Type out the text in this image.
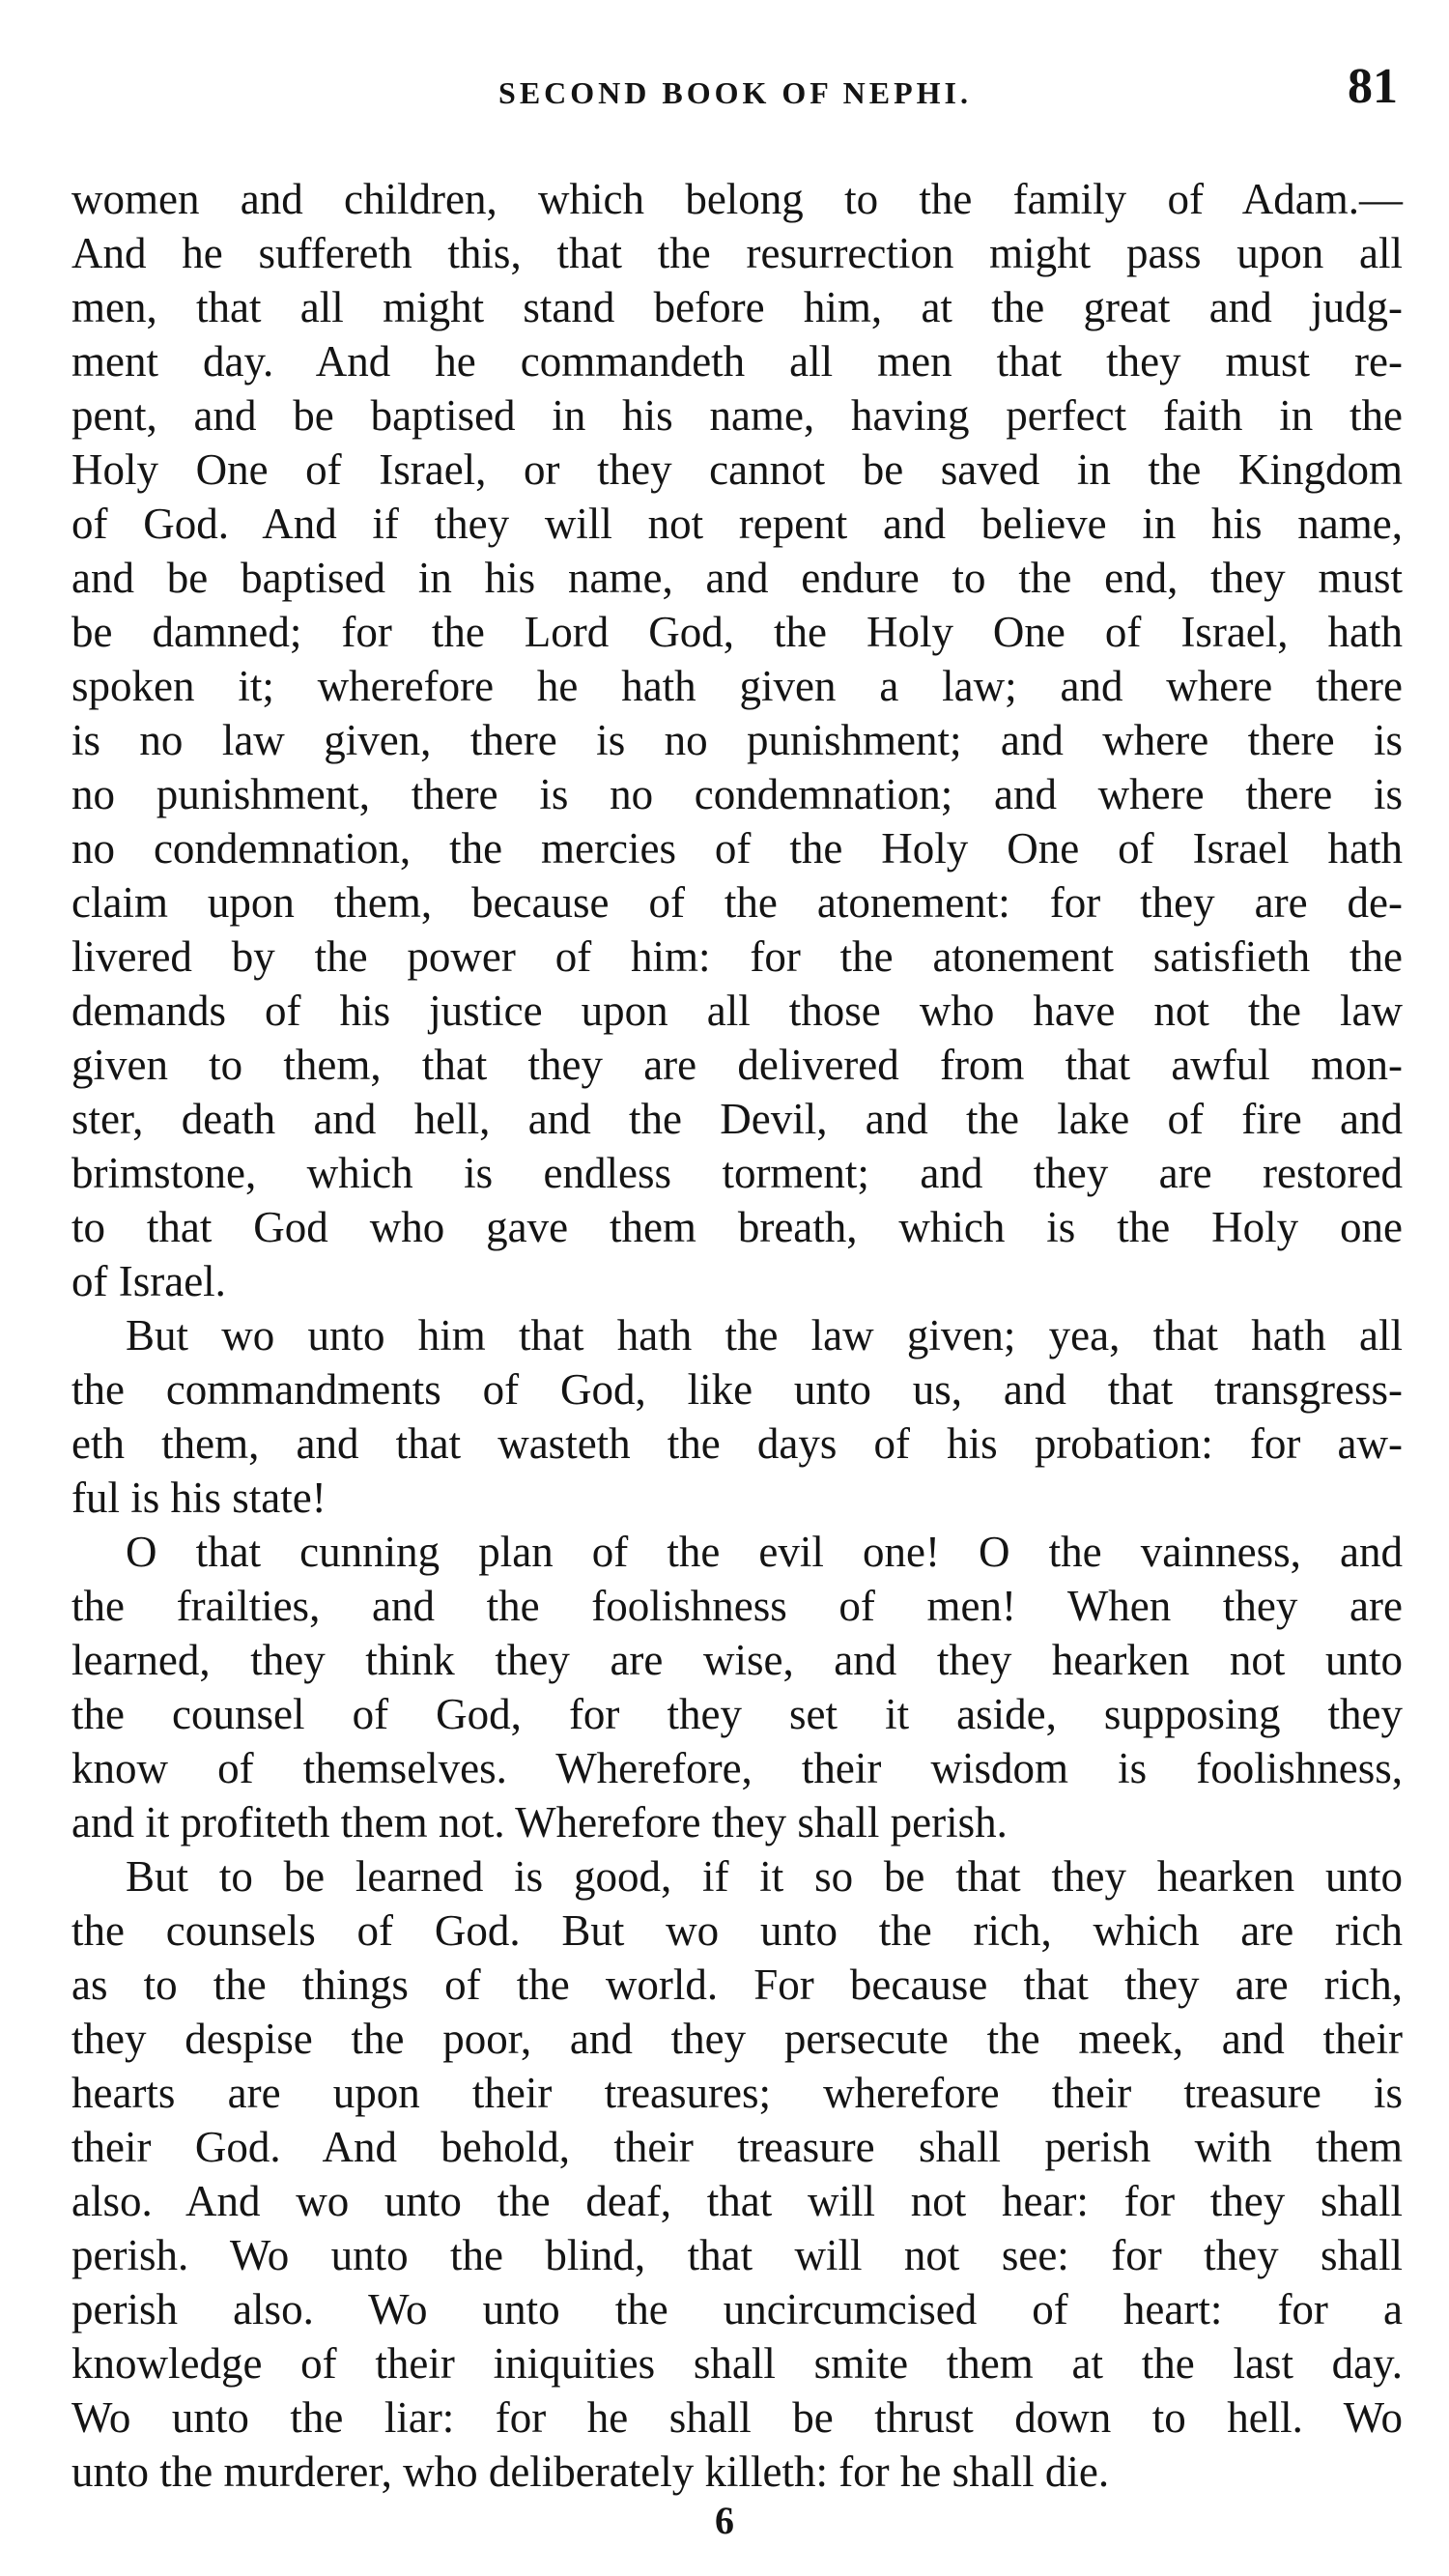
SECOND BOOK OF NEPHI.	81
women and children, which belong to the family of Adam.—
And he suffereth this, that the resurrection might pass upon all
men, that all might stand before him, at the great and judg-
ment day. And he commandeth all men that they must re-
pent, and be baptised in his name, having perfect faith in the
Holy One of Israel, or they cannot be saved in the Kingdom
of God. And if they will not repent and believe in his name,
and be baptised in his name, and endure to the end, they must
be damned; for the Lord God, the Holy One of Israel, hath
spoken it; wherefore he hath given a law; and where there
is no law given, there is no punishment; and where there is
no punishment, there is no condemnation; and where there is
no condemnation, the mercies of the Holy One of Israel hath
claim upon them, because of the atonement: for they are de-
livered by the power of him: for the atonement satisfieth the
demands of his justice upon all those who have not the law
given to them, that they are delivered from that awful mon-
ster, death and hell, and the Devil, and the lake of fire and
brimstone, which is endless torment; and they are restored
to that God who gave them breath, which is the Holy one
of Israel.
But wo unto him that hath the law given; yea, that hath all
the commandments of God, like unto us, and that transgress-
eth them, and that wasteth the days of his probation: for aw-
ful is his state!
O that cunning plan of the evil one! O the vainness, and
the frailties, and the foolishness of men! When they are
learned, they think they are wise, and they hearken not unto
the counsel of God, for they set it aside, supposing they
know of themselves. Wherefore, their wisdom is foolishness,
and it profiteth them not. Wherefore they shall perish.
But to be learned is good, if it so be that they hearken unto
the counsels of God. But wo unto the rich, which are rich
as to the things of the world. For because that they are rich,
they despise the poor, and they persecute the meek, and their
hearts are upon their treasures; wherefore their treasure is
their God. And behold, their treasure shall perish with them
also. And wo unto the deaf, that will not hear: for they shall
perish. Wo unto the blind, that will not see: for they shall
perish also. Wo unto the uncircumcised of heart: for a
knowledge of their iniquities shall smite them at the last day.
Wo unto the liar: for he shall be thrust down to hell. Wo
unto the murderer, who deliberately killeth: for he shall die.
6
